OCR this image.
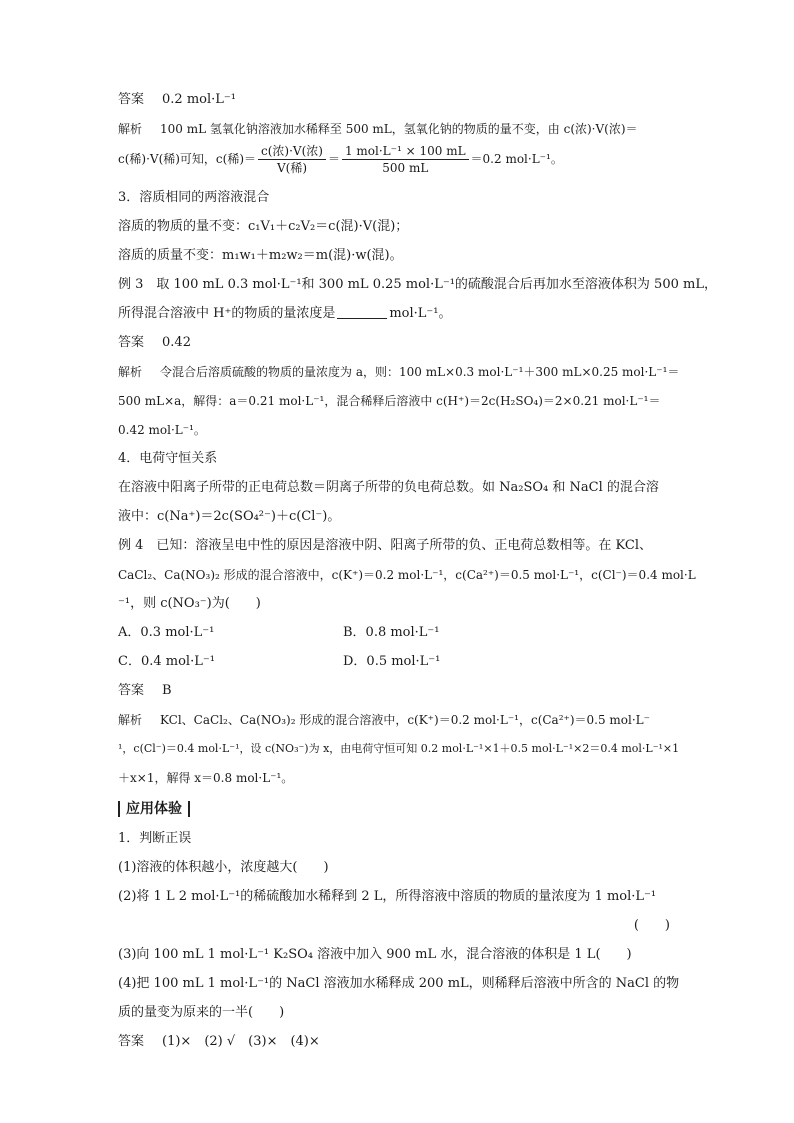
答案 0.2 mol·L⁻¹
解析 100 mL 氢氧化钠溶液加水稀释至 500 mL，氢氧化钠的物质的量不变，由 c(浓)·V(浓)＝
c(稀)·V(稀)可知，c(稀)＝ $\frac{\text{c(浓)·V(浓)}}{\text{V(稀)}} = \frac{\text{1 mol·L⁻¹ × 100 mL}}{500 mL} =0.2$ mol·L⁻¹。
3．溶质相同的两溶液混合
溶质的物质的量不变：c₁V₁＋c₂V₂＝c(混)·V(混)；
溶质的质量不变：m₁w₁＋m₂w₂＝m(混)·w(混)。
例 3　取 100 mL 0.3 mol·L⁻¹和 300 mL 0.25 mol·L⁻¹的硫酸混合后再加水至溶液体积为 500 mL，
所得混合溶液中 H⁺的物质的量浓度是	mol·L⁻¹。
答案 0.42
解析 令混合后溶质硫酸的物质的量浓度为 a，则：100 mL×0.3 mol·L⁻¹＋300 mL×0.25 mol·L⁻¹＝
500 mL×a，解得：a＝0.21 mol·L⁻¹，混合稀释后溶液中 c(H⁺)＝2c(H₂SO₄)＝2×0.21 mol·L⁻¹＝
0.42 mol·L⁻¹。
4．电荷守恒关系
在溶液中阳离子所带的正电荷总数＝阴离子所带的负电荷总数。如 Na₂SO₄ 和 NaCl 的混合溶
液中：c(Na⁺)＝2c(SO₄²⁻)＋c(Cl⁻)。
例 4　已知：溶液呈电中性的原因是溶液中阴、阳离子所带的负、正电荷总数相等。在 KCl、
CaCl₂、Ca(NO₃)₂ 形成的混合溶液中，c(K⁺)＝0.2 mol·L⁻¹，c(Ca²⁺)＝0.5 mol·L⁻¹，c(Cl⁻)＝0.4 mol·L
⁻¹，则 c(NO₃⁻)为(　　)
A．0.3 mol·L⁻¹	B．0.8 mol·L⁻¹
C．0.4 mol·L⁻¹	D．0.5 mol·L⁻¹
答案 B
解析 KCl、CaCl₂、Ca(NO₃)₂ 形成的混合溶液中，c(K⁺)＝0.2 mol·L⁻¹，c(Ca²⁺)＝0.5 mol·L⁻
¹，c(Cl⁻)＝0.4 mol·L⁻¹，设 c(NO₃⁻)为 x，由电荷守恒可知 0.2 mol·L⁻¹×1＋0.5 mol·L⁻¹×2＝0.4 mol·L⁻¹×1
＋x×1，解得 x＝0.8 mol·L⁻¹。
应用体验
1．判断正误
(1)溶液的体积越小，浓度越大(　　)
(2)将 1 L 2 mol·L⁻¹的稀硫酸加水稀释到 2 L，所得溶液中溶质的物质的量浓度为 1 mol·L⁻¹
(　　)
(3)向 100 mL 1 mol·L⁻¹ K₂SO₄ 溶液中加入 900 mL 水，混合溶液的体积是 1 L(　　)
(4)把 100 mL 1 mol·L⁻¹的 NaCl 溶液加水稀释成 200 mL，则稀释后溶液中所含的 NaCl 的物
质的量变为原来的一半(　　)
答案 (1)×　(2) √　(3)×　(4)×
